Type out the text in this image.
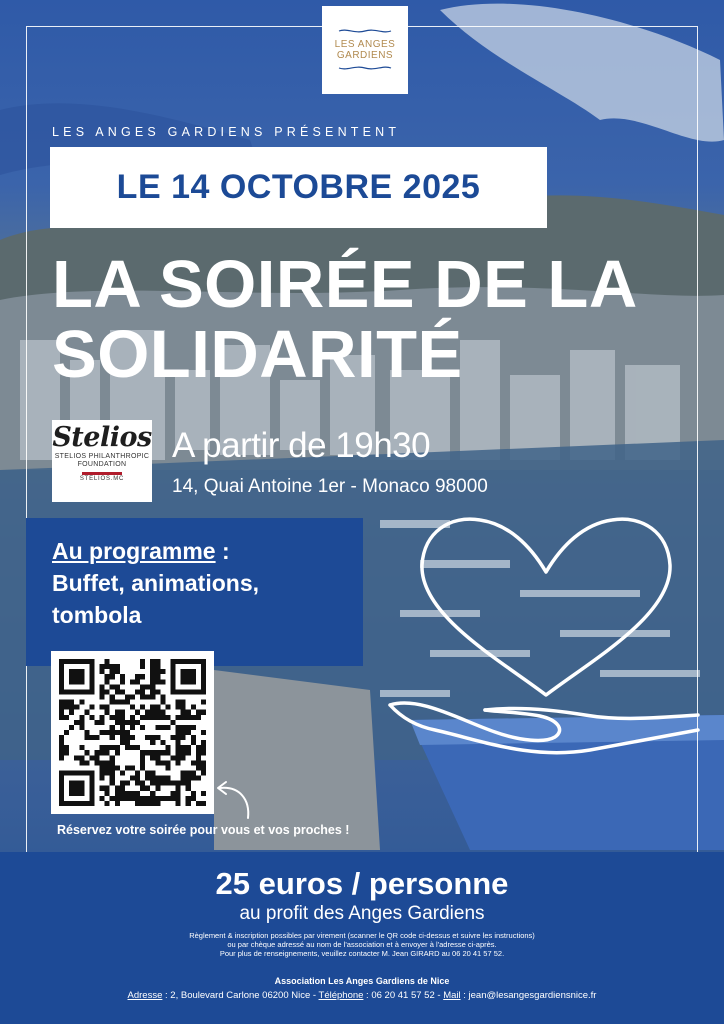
LES ANGES
GARDIENS
LES ANGES GARDIENS PRÉSENTENT
LE 14 OCTOBRE 2025
LA SOIRÉE DE LA
SOLIDARITÉ
Stelios
STELIOS PHILANTHROPIC
FOUNDATION
STELIOS.MC
A partir de 19h30
14, Quai Antoine 1er - Monaco 98000
Au programme :
Buffet, animations,
tombola
Réservez votre soirée pour vous et vos proches !
25 euros / personne
au profit des Anges Gardiens
Règlement & inscription possibles par virement (scanner le QR code ci-dessus et suivre les instructions)
ou par chèque adressé au nom de l'association et à envoyer à l'adresse ci-après.
Pour plus de renseignements, veuillez contacter M. Jean GIRARD au 06 20 41 57 52.
Association Les Anges Gardiens de Nice
Adresse : 2, Boulevard Carlone 06200 Nice - Téléphone : 06 20 41 57 52 - Mail : jean@lesangesgardiensnice.fr
